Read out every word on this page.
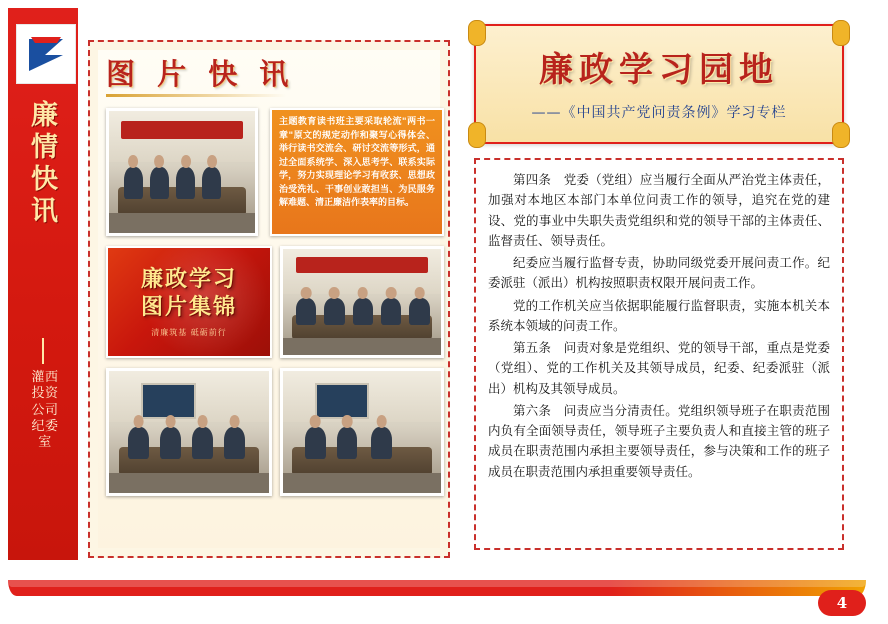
廉情快讯
灌西投资公司纪委室
图 片 快 讯
主题教育读书班主要采取轮流"两书一章"原文的规定动作和聚写心得体会、举行读书交流会、研讨交流等形式，通过全面系统学、深入思考学、联系实际学，努力实现理论学习有收获、思想政治受洗礼、干事创业敢担当、为民服务解难题、清正廉洁作表率的目标。
廉政学习
图片集锦
清廉筑基 砥砺前行
廉政学习园地
——《中国共产党问责条例》学习专栏

第四条　党委（党组）应当履行全面从严治党主体责任，加强对本地区本部门本单位问责工作的领导，追究在党的建设、党的事业中失职失责党组织和党的领导干部的主体责任、监督责任、领导责任。

纪委应当履行监督专责，协助同级党委开展问责工作。纪委派驻（派出）机构按照职责权限开展问责工作。

党的工作机关应当依据职能履行监督职责，实施本机关本系统本领域的问责工作。

第五条　问责对象是党组织、党的领导干部，重点是党委（党组）、党的工作机关及其领导成员，纪委、纪委派驻（派出）机构及其领导成员。

第六条　问责应当分清责任。党组织领导班子在职责范围内负有全面领导责任，领导班子主要负责人和直接主管的班子成员在职责范围内承担主要领导责任，参与决策和工作的班子成员在职责范围内承担重要领导责任。

4
